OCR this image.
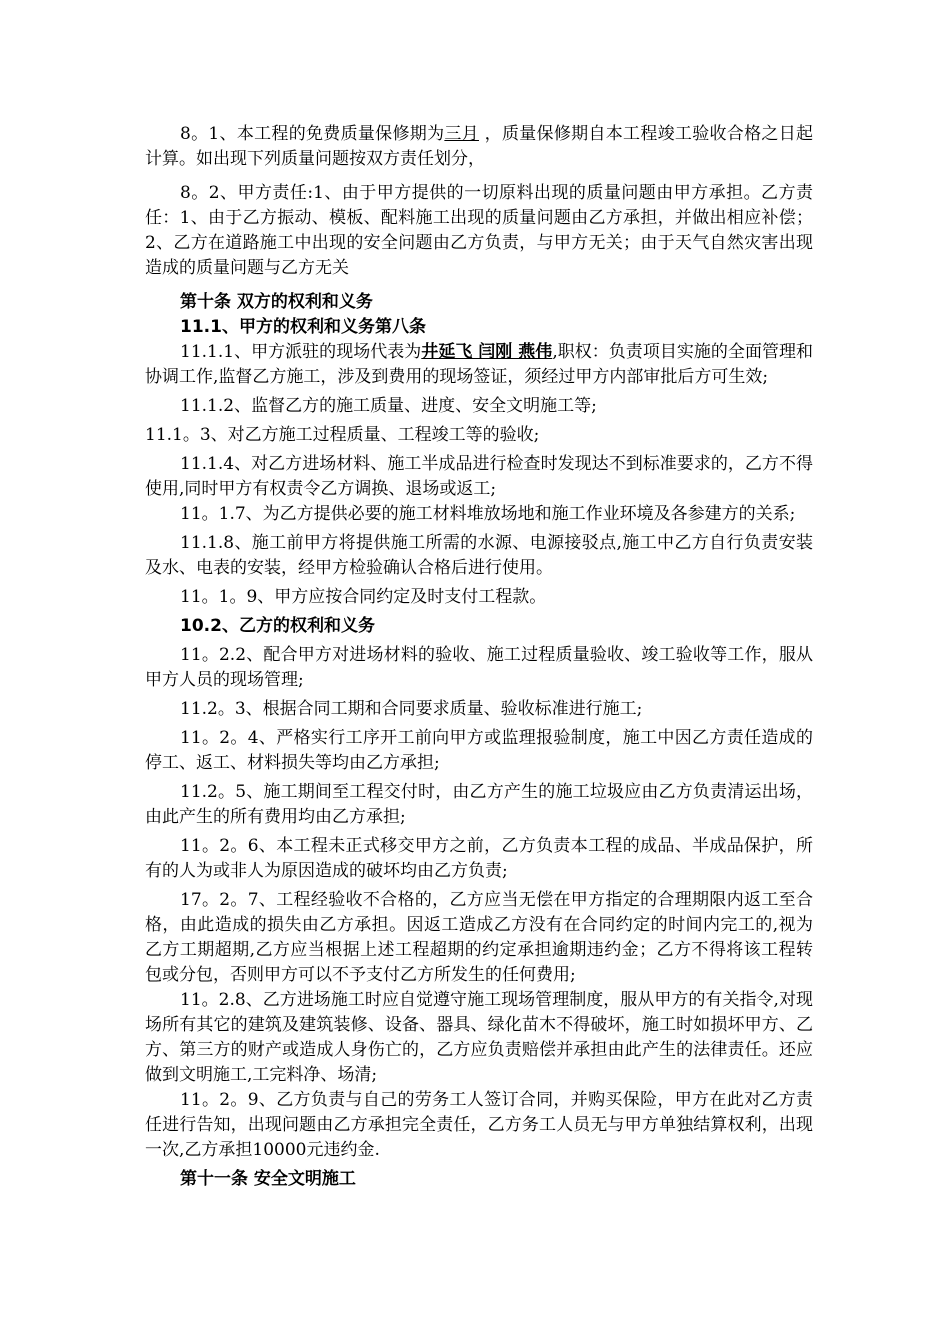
8。1、本工程的免费质量保修期为三月 ，质量保修期自本工程竣工验收合格之日起计算。如出现下列质量问题按双方责任划分，

8。2、甲方责任:1、由于甲方提供的一切原料出现的质量问题由甲方承担。乙方责任：1、由于乙方振动、模板、配料施工出现的质量问题由乙方承担，并做出相应补偿；2、乙方在道路施工中出现的安全问题由乙方负责，与甲方无关；由于天气自然灾害出现造成的质量问题与乙方无关

第十条 双方的权利和义务

11.1、甲方的权利和义务第八条

11.1.1、甲方派驻的现场代表为井延飞 闫刚 燕伟,职权：负责项目实施的全面管理和协调工作,监督乙方施工，涉及到费用的现场签证，须经过甲方内部审批后方可生效;

11.1.2、监督乙方的施工质量、进度、安全文明施工等;

11.1。3、对乙方施工过程质量、工程竣工等的验收;

11.1.4、对乙方进场材料、施工半成品进行检查时发现达不到标准要求的，乙方不得使用,同时甲方有权责令乙方调换、退场或返工;

11。1.7、为乙方提供必要的施工材料堆放场地和施工作业环境及各参建方的关系;

11.1.8、施工前甲方将提供施工所需的水源、电源接驳点,施工中乙方自行负责安装及水、电表的安装，经甲方检验确认合格后进行使用。

11。1。9、甲方应按合同约定及时支付工程款。

10.2、乙方的权利和义务

11。2.2、配合甲方对进场材料的验收、施工过程质量验收、竣工验收等工作，服从甲方人员的现场管理;

11.2。3、根据合同工期和合同要求质量、验收标准进行施工;

11。2。4、严格实行工序开工前向甲方或监理报验制度，施工中因乙方责任造成的停工、返工、材料损失等均由乙方承担;

11.2。5、施工期间至工程交付时，由乙方产生的施工垃圾应由乙方负责清运出场，由此产生的所有费用均由乙方承担;

11。2。6、本工程未正式移交甲方之前，乙方负责本工程的成品、半成品保护，所有的人为或非人为原因造成的破坏均由乙方负责;

17。2。7、工程经验收不合格的，乙方应当无偿在甲方指定的合理期限内返工至合格，由此造成的损失由乙方承担。因返工造成乙方没有在合同约定的时间内完工的,视为乙方工期超期,乙方应当根据上述工程超期的约定承担逾期违约金；乙方不得将该工程转包或分包，否则甲方可以不予支付乙方所发生的任何费用;

11。2.8、乙方进场施工时应自觉遵守施工现场管理制度，服从甲方的有关指令,对现场所有其它的建筑及建筑装修、设备、器具、绿化苗木不得破坏，施工时如损坏甲方、乙方、第三方的财产或造成人身伤亡的，乙方应负责赔偿并承担由此产生的法律责任。还应做到文明施工,工完料净、场清;

11。2。9、乙方负责与自己的劳务工人签订合同，并购买保险，甲方在此对乙方责任进行告知，出现问题由乙方承担完全责任，乙方务工人员无与甲方单独结算权利，出现一次,乙方承担10000元违约金.

第十一条 安全文明施工
